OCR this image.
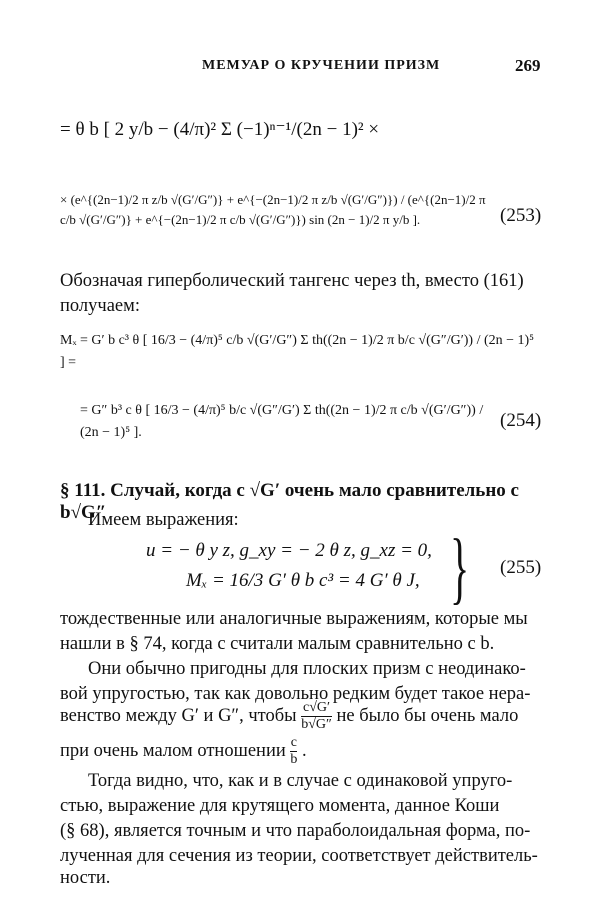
МЕМУАР О КРУЧЕНИИ ПРИЗМ	269
= θ b [ 2 y/b − (4/π)² Σ (−1)ⁿ⁻¹/(2n − 1)² ×
× (e^{(2n−1)/2 π z/b √(G′/G″)} + e^{−(2n−1)/2 π z/b √(G′/G″)}) / (e^{(2n−1)/2 π c/b √(G′/G″)} + e^{−(2n−1)/2 π c/b √(G′/G″)}) sin (2n − 1)/2 π y/b ].	(253)
Обозначая гиперболический тангенс через th, вместо (161)
получаем:
Mₓ = G′ b c³ θ [ 16/3 − (4/π)⁵ c/b √(G′/G″) Σ th((2n − 1)/2 π b/c √(G″/G′)) / (2n − 1)⁵ ] =
= G″ b³ c θ [ 16/3 − (4/π)⁵ b/c √(G″/G′) Σ th((2n − 1)/2 π c/b √(G′/G″)) / (2n − 1)⁵ ].
(254)
§ 111. Случай, когда c √G′ очень мало сравнительно с b√G″
Имеем выражения:
u = − θ y z, g_xy = − 2 θ z, g_xz = 0,
Mₓ = 16/3 G′ θ b c³ = 4 G′ θ J, } (255)
тождественные или аналогичные выражениям, которые мы
нашли в § 74, когда c считали малым сравнительно с b.
Они обычно пригодны для плоских призм с неодинако-
вой упругостью, так как довольно редким будет такое нера-
венство между G′ и G″, чтобы $\frac{c√G'}{b√G''}$ не было бы очень мало
при очень малом отношении $\frac{c}{b}$ .
Тогда видно, что, как и в случае с одинаковой упруго-
стью, выражение для крутящего момента, данное Коши
(§ 68), является точным и что параболоидальная форма, по-
лученная для сечения из теории, соответствует действитель-
ности.
